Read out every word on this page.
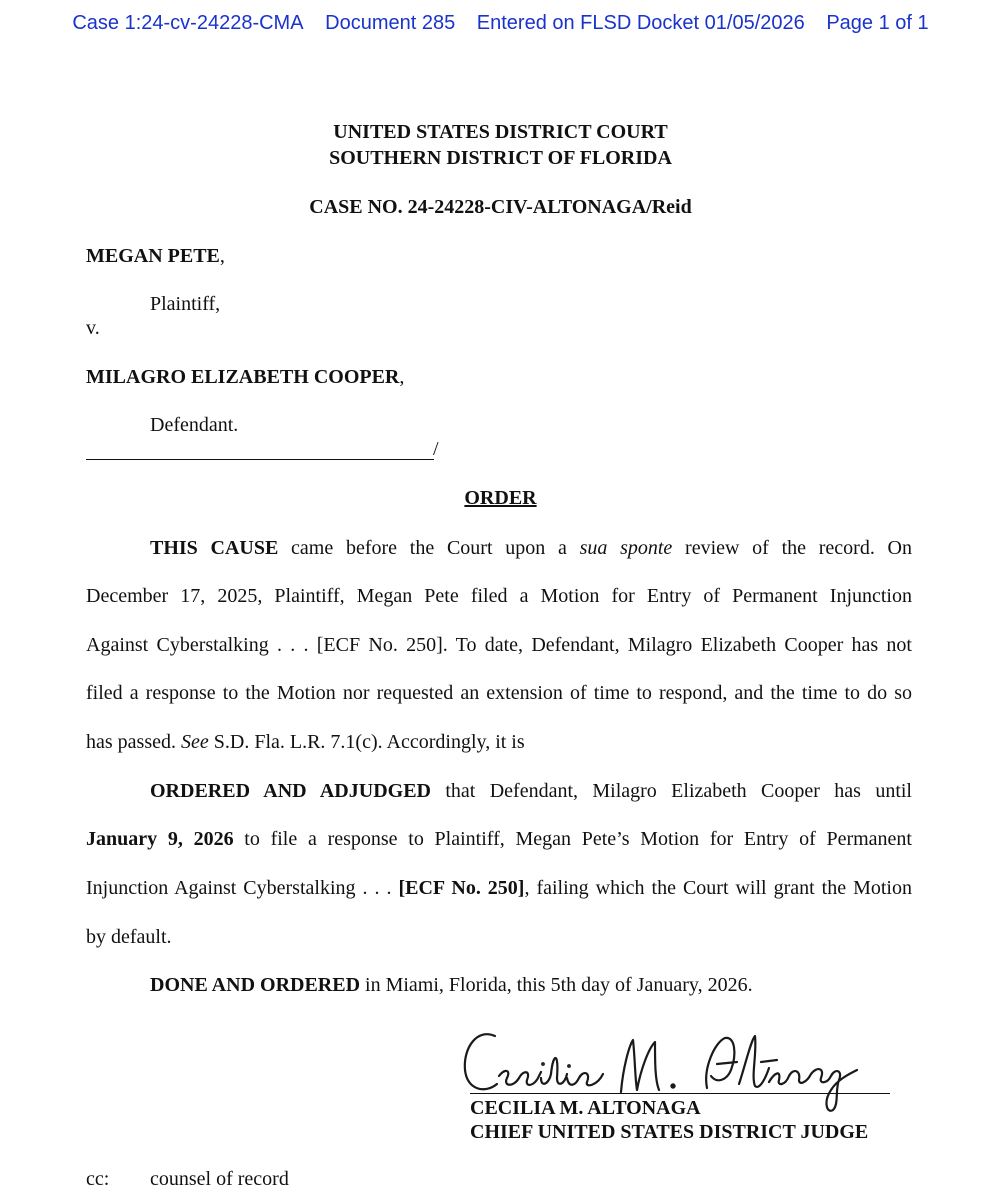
Case 1:24-cv-24228-CMA Document 285 Entered on FLSD Docket 01/05/2026 Page 1 of 1
UNITED STATES DISTRICT COURT
SOUTHERN DISTRICT OF FLORIDA
CASE NO. 24-24228-CIV-ALTONAGA/Reid
MEGAN PETE,
Plaintiff,
v.
MILAGRO ELIZABETH COOPER,
Defendant.
/
ORDER
THIS CAUSE came before the Court upon a sua sponte review of the record. On
December 17, 2025, Plaintiff, Megan Pete filed a Motion for Entry of Permanent Injunction
Against Cyberstalking . . . [ECF No. 250]. To date, Defendant, Milagro Elizabeth Cooper has not
filed a response to the Motion nor requested an extension of time to respond, and the time to do so
has passed. See S.D. Fla. L.R. 7.1(c). Accordingly, it is
ORDERED AND ADJUDGED that Defendant, Milagro Elizabeth Cooper has until
January 9, 2026 to file a response to Plaintiff, Megan Pete’s Motion for Entry of Permanent
Injunction Against Cyberstalking . . . [ECF No. 250], failing which the Court will grant the Motion
by default.
DONE AND ORDERED in Miami, Florida, this 5th day of January, 2026.
CECILIA M. ALTONAGA
CHIEF UNITED STATES DISTRICT JUDGE
cc: counsel of record
